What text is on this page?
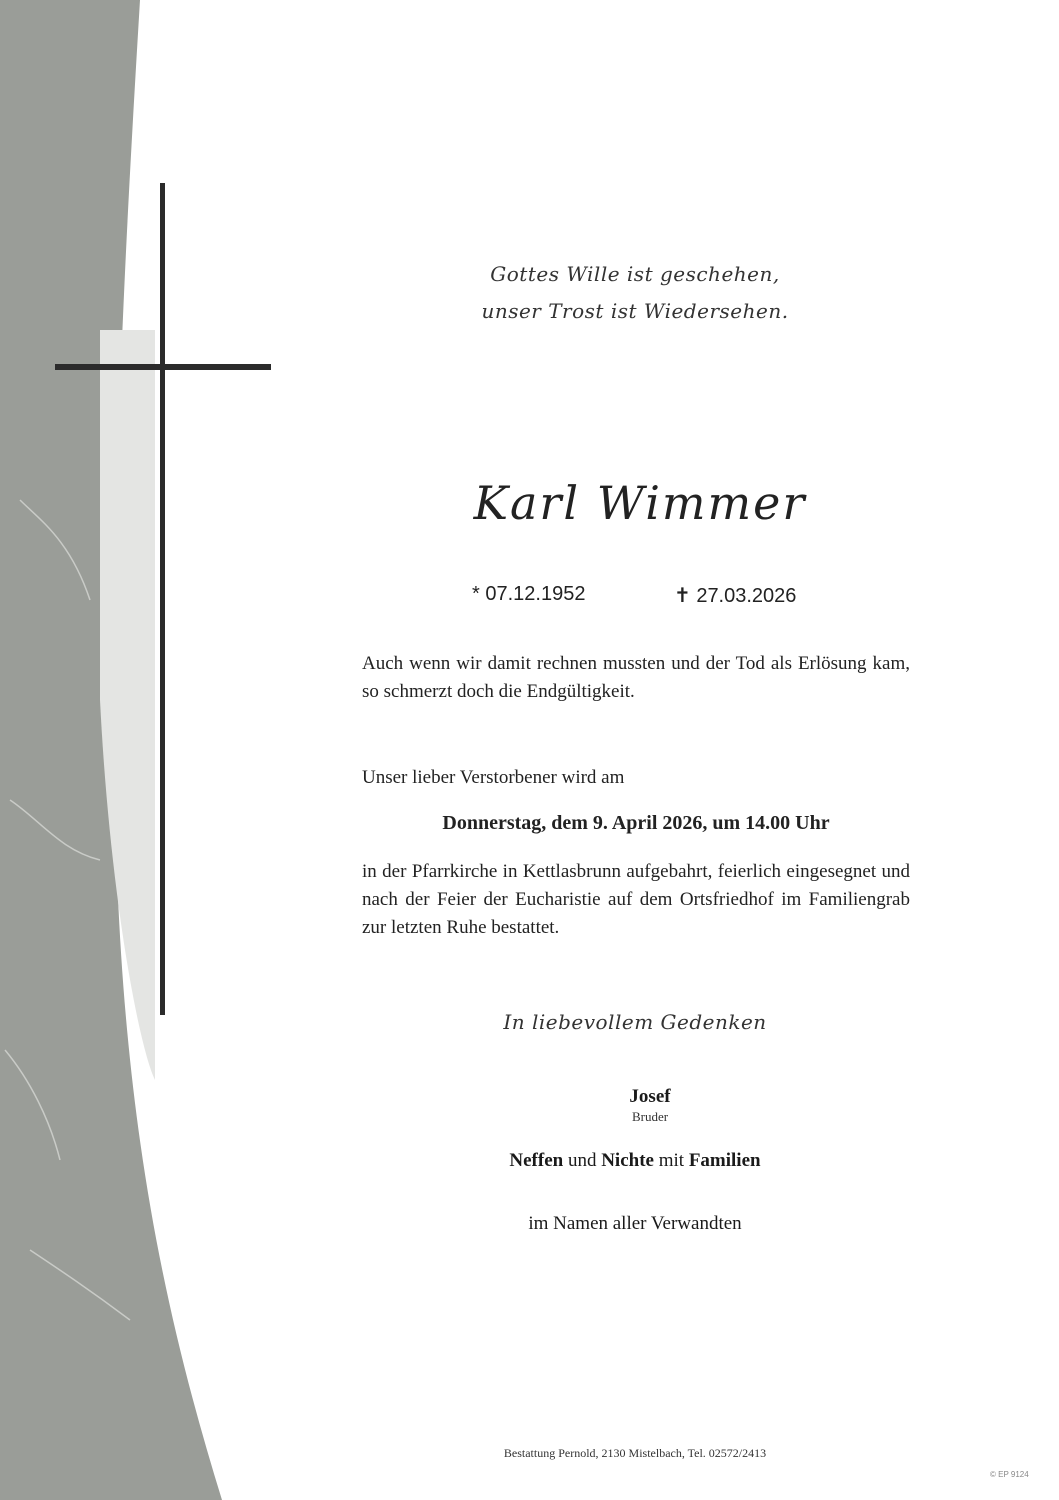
Gottes Wille ist geschehen,
unser Trost ist Wiedersehen.
Karl Wimmer
* 07.12.1952	✝ 27.03.2026
Auch wenn wir damit rechnen mussten und der Tod als Erlösung kam, so schmerzt doch die Endgültigkeit.
Unser lieber Verstorbener wird am
Donnerstag, dem 9. April 2026, um 14.00 Uhr
in der Pfarrkirche in Kettlasbrunn aufgebahrt, feierlich eingesegnet und nach der Feier der Eucharistie auf dem Ortsfriedhof im Familiengrab zur letzten Ruhe bestattet.
In liebevollem Gedenken
Josef
Bruder
Neffen und Nichte mit Familien
im Namen aller Verwandten
Bestattung Pernold, 2130 Mistelbach, Tel. 02572/2413
© EP 9124
